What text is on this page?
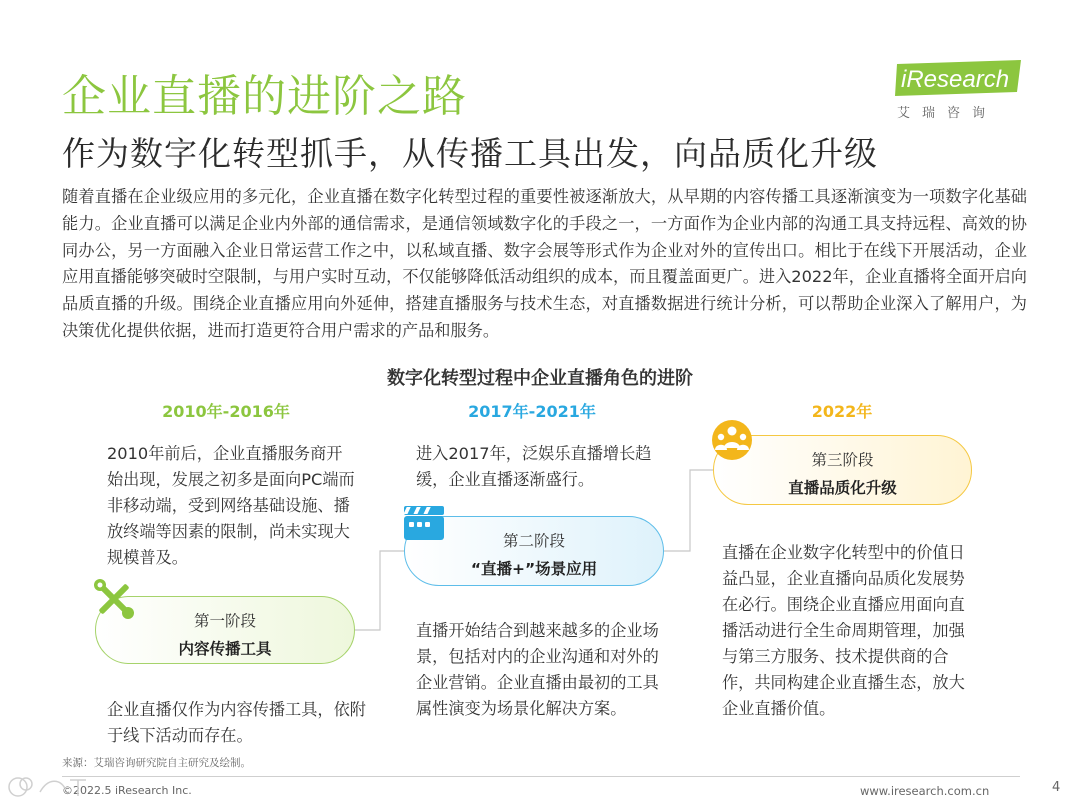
企业直播的进阶之路
作为数字化转型抓手，从传播工具出发，向品质化升级
iResearch
艾瑞咨询

随着直播在企业级应用的多元化，企业直播在数字化转型过程的重要性被逐渐放大，从早期的内容传播工具逐渐演变为一项数字化基础能力。企业直播可以满足企业内外部的通信需求，是通信领域数字化的手段之一，一方面作为企业内部的沟通工具支持远程、高效的协同办公，另一方面融入企业日常运营工作之中，以私域直播、数字会展等形式作为企业对外的宣传出口。相比于在线下开展活动，企业应用直播能够突破时空限制，与用户实时互动，不仅能够降低活动组织的成本，而且覆盖面更广。进入2022年，企业直播将全面开启向品质直播的升级。围绕企业直播应用向外延伸，搭建直播服务与技术生态，对直播数据进行统计分析，可以帮助企业深入了解用户，为决策优化提供依据，进而打造更符合用户需求的产品和服务。

数字化转型过程中企业直播角色的进阶
2010年-2016年	2017年-2021年	2022年
2010年前后，企业直播服务商开始出现，发展之初多是面向PC端而非移动端，受到网络基础设施、播放终端等因素的限制，尚未实现大规模普及。
进入2017年，泛娱乐直播增长趋缓，企业直播逐渐盛行。
第一阶段
内容传播工具
第二阶段
“直播+”场景应用
第三阶段
直播品质化升级
企业直播仅作为内容传播工具，依附于线下活动而存在。
直播开始结合到越来越多的企业场景，包括对内的企业沟通和对外的企业营销。企业直播由最初的工具属性演变为场景化解决方案。
直播在企业数字化转型中的价值日益凸显，企业直播向品质化发展势在必行。围绕企业直播应用面向直播活动进行全生命周期管理，加强与第三方服务、技术提供商的合作，共同构建企业直播生态，放大企业直播价值。
来源：艾瑞咨询研究院自主研究及绘制。
©2022.5 iResearch Inc.	www.iresearch.com.cn	4
